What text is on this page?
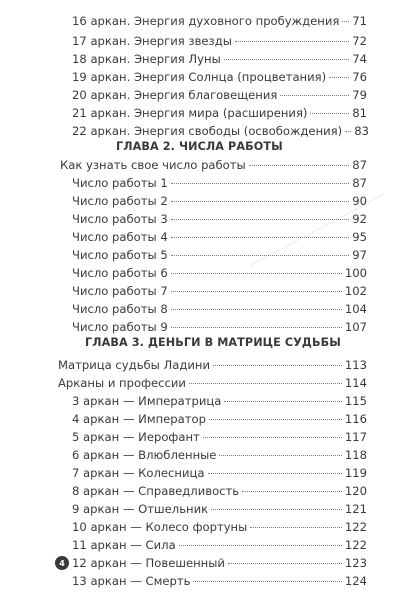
16 аркан. Энергия духовного пробуждения 71
17 аркан. Энергия звезды	72
18 аркан. Энергия Луны	74
19 аркан. Энергия Солнца (процветания) 76
20 аркан. Энергия благовещения	79
21 аркан. Энергия мира (расширения)	81
22 аркан. Энергия свободы (освобождения) 83
ГЛАВА 2. ЧИСЛА РАБОТЫ
Как узнать свое число работы	87
Число работы 1	87
Число работы 2	90
Число работы 3	92
Число работы 4	95
Число работы 5	97
Число работы 6	100
Число работы 7	102
Число работы 8	104
Число работы 9	107
ГЛАВА 3. ДЕНЬГИ В МАТРИЦЕ СУДЬБЫ
Матрица судьбы Ладини	113
Арканы и профессии	114
3 аркан — Императрица	115
4 аркан — Император	116
5 аркан — Иерофант	117
6 аркан — Влюбленные	118
7 аркан — Колесница	119
8 аркан — Справедливость	120
9 аркан — Отшельник	121
10 аркан — Колесо фортуны	122
11 аркан — Сила	122
12 аркан — Повешенный	123
13 аркан — Смерть	124
4
